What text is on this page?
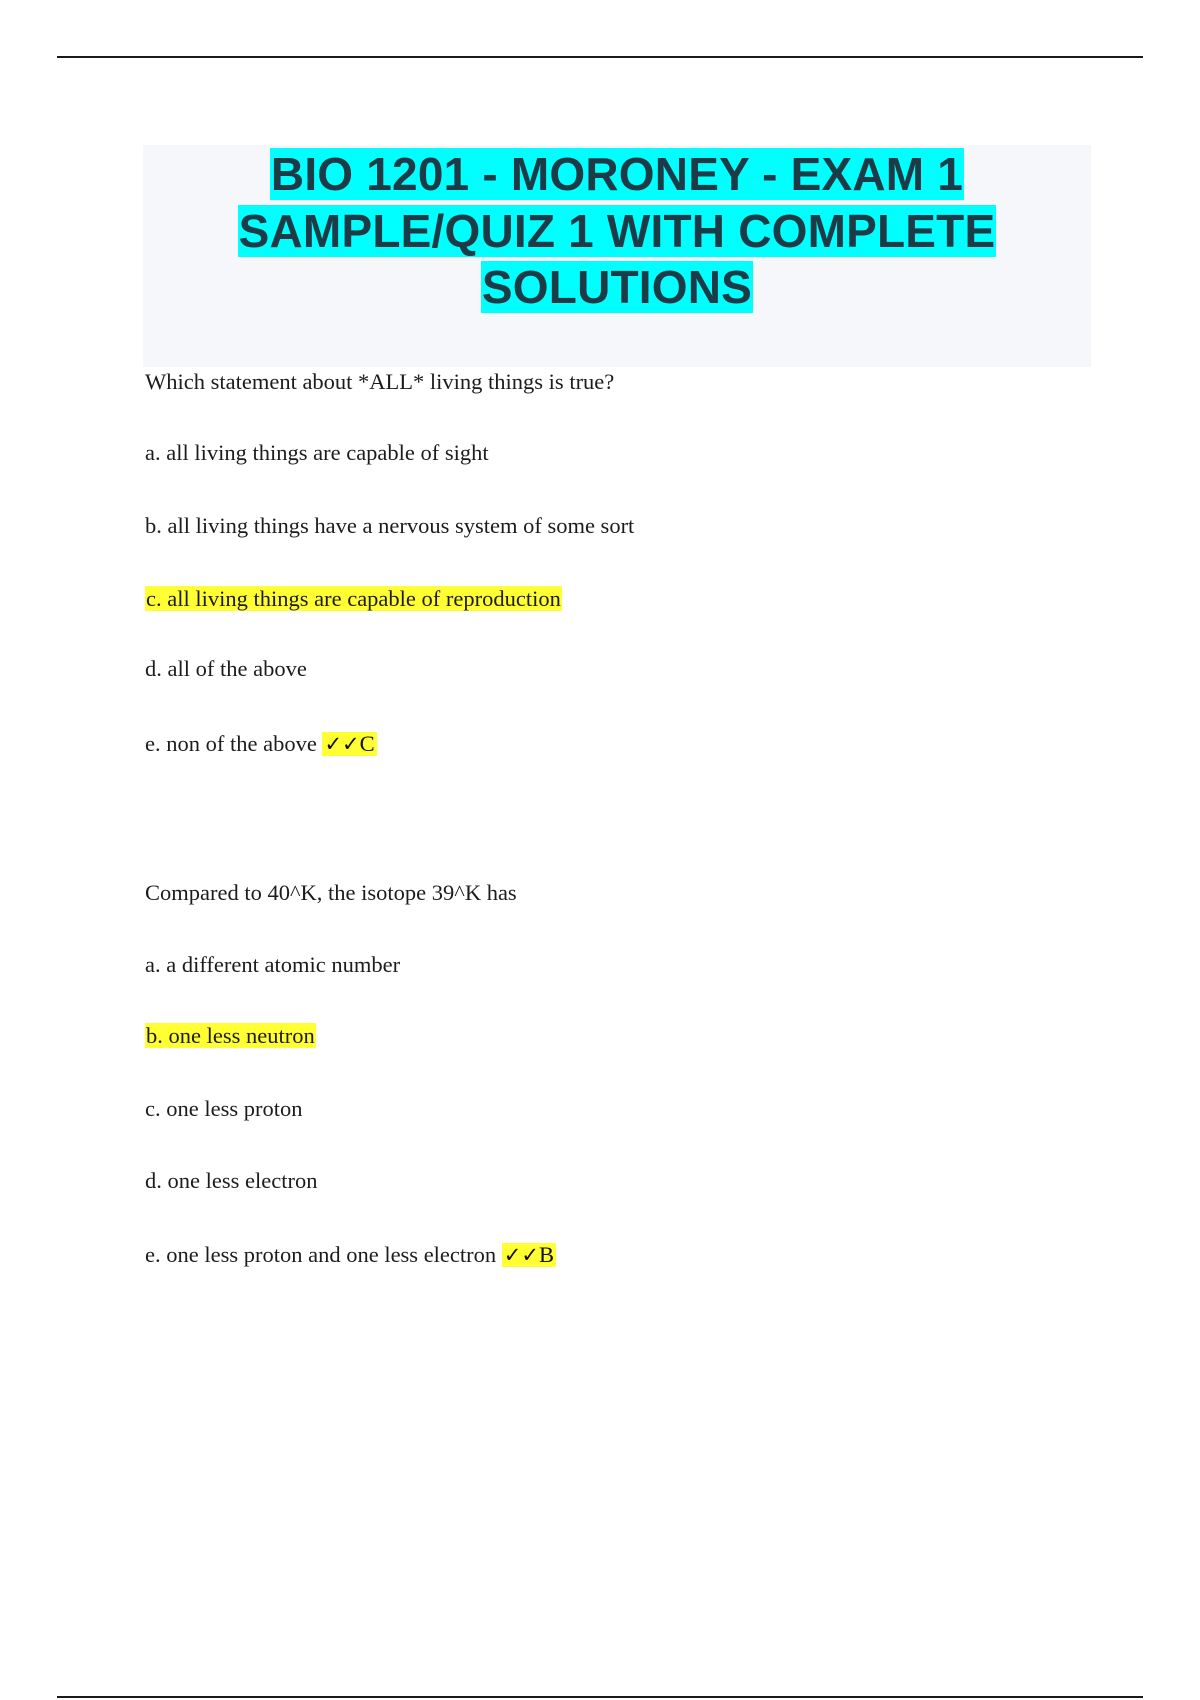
BIO 1201 - MORONEY - EXAM 1
SAMPLE/QUIZ 1 WITH COMPLETE
SOLUTIONS
Which statement about *ALL* living things is true?
a. all living things are capable of sight
b. all living things have a nervous system of some sort
c. all living things are capable of reproduction
d. all of the above
e. non of the above ✓✓C
Compared to 40^K, the isotope 39^K has
a. a different atomic number
b. one less neutron
c. one less proton
d. one less electron
e. one less proton and one less electron ✓✓B
